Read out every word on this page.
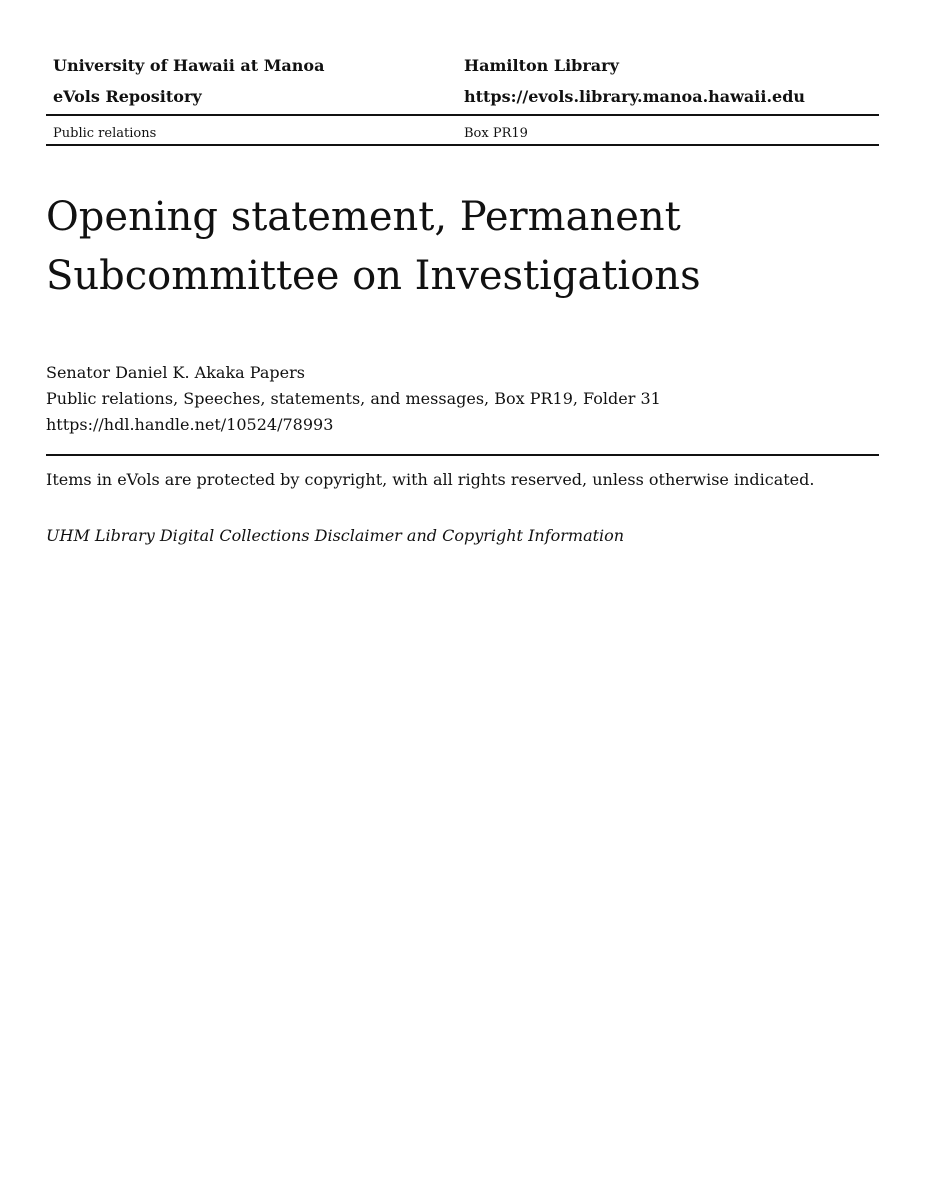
University of Hawaii at Manoa	Hamilton Library
eVols Repository	https://evols.library.manoa.hawaii.edu
Public relations	Box PR19
Opening statement, Permanent
Subcommittee on Investigations
Senator Daniel K. Akaka Papers
Public relations, Speeches, statements, and messages, Box PR19, Folder 31
https://hdl.handle.net/10524/78993
Items in eVols are protected by copyright, with all rights reserved, unless otherwise indicated.
UHM Library Digital Collections Disclaimer and Copyright Information
